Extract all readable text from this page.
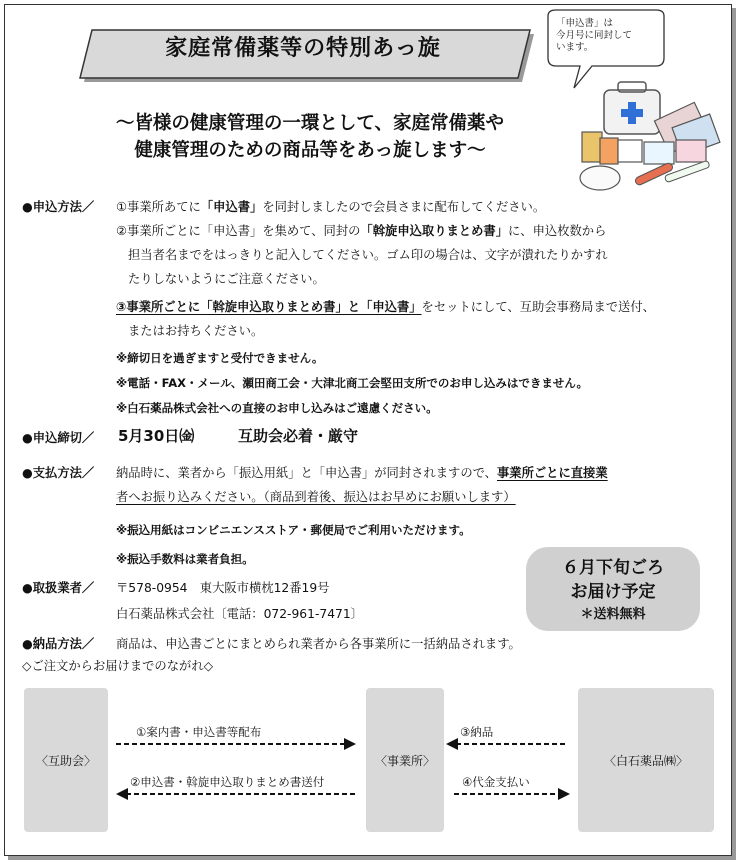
家庭常備薬等の特別あっ旋
「申込書」は
今月号に同封して
います。
～皆様の健康管理の一環として、家庭常備薬や
健康管理のための商品等をあっ旋します～
●申込方法／ ①事業所あてに「申込書」を同封しましたので会員さまに配布してください。
②事業所ごとに「申込書」を集めて、同封の「斡旋申込取りまとめ書」に、申込枚数から
担当者名までをはっきりと記入してください。ゴム印の場合は、文字が潰れたりかすれ
たりしないようにご注意ください。
③事業所ごとに「斡旋申込取りまとめ書」と「申込書」をセットにして、互助会事務局まで送付、
またはお持ちください。
※締切日を過ぎますと受付できません。
※電話・FAX・メール、瀬田商工会・大津北商工会堅田支所でのお申し込みはできません。
※白石薬品株式会社への直接のお申し込みはご遠慮ください。
●申込締切／ 5月30日㈮	互助会必着・厳守
●支払方法／ 納品時に、業者から「振込用紙」と「申込書」が同封されますので、事業所ごとに直接業
者へお振り込みください。（商品到着後、振込はお早めにお願いします）
※振込用紙はコンビニエンスストア・郵便局でご利用いただけます。
※振込手数料は業者負担。	６月下旬ごろ
お届け予定
＊送料無料
●取扱業者／ 〒578-0954　東大阪市横枕12番19号
白石薬品株式会社〔電話：072-961-7471〕
●納品方法／ 商品は、申込書ごとにまとめられ業者から各事業所に一括納品されます。
◇ご注文からお届けまでのながれ◇
〈互助会〉	〈事業所〉	〈白石薬品㈱〉
①案内書・申込書等配布
②申込書・斡旋申込取りまとめ書送付
③納品
④代金支払い
